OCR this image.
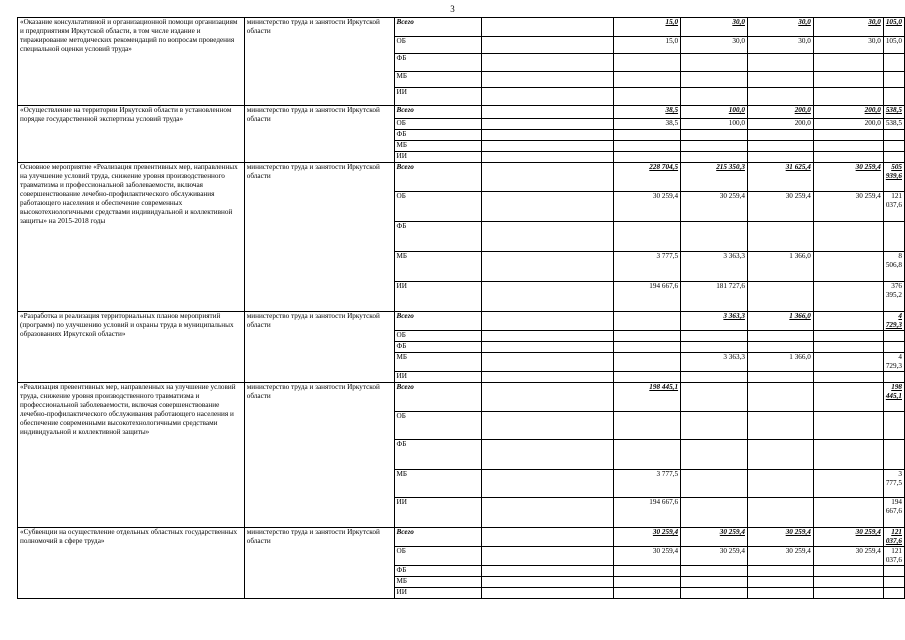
3
«Оказание консультативной и организационной помощи организациям и предприятиям Иркутской области, в том числе издание и тиражирование методических рекомендаций по вопросам проведения специальной оценки условий труда»	министерство труда и занятости Иркутской области	Всего		15,0	30,0	30,0	30,0	105,0
		ОБ		15,0	30,0	30,0	30,0	105,0
		ФБ						
		МБ						
		ИИ						
«Осуществление на территории Иркутской области в установленном порядке государственной экспертизы условий труда»	министерство труда и занятости Иркутской области	Всего		38,5	100,0	200,0	200,0	538,5
		ОБ		38,5	100,0	200,0	200,0	538,5
		ФБ						
		МБ						
		ИИ						
Основное мероприятие «Реализация превентивных мер, направленных на улучшение условий труда, снижение уровня производственного травматизма и профессиональной заболеваемости, включая совершенствование лечебно-профилактического обслуживания работающего населения и обеспечение современных высокотехнологичными средствами индивидуальной и коллективной защиты» на 2015-2018 годы	министерство труда и занятости Иркутской области	Всего		228 704,5	215 350,3	31 625,4	30 259,4	505 939,6
		ОБ		30 259,4	30 259,4	30 259,4	30 259,4	121 037,6
		ФБ						
		МБ		3 777,5	3 363,3	1 366,0		8 506,8
		ИИ		194 667,6	181 727,6			376 395,2
«Разработка и реализация территориальных планов мероприятий (программ) по улучшению условий и охраны труда в муниципальных образованиях Иркутской области»	министерство труда и занятости Иркутской области	Всего			3 363,3	1 366,0		4 729,3
		ОБ						
		ФБ						
		МБ			3 363,3	1 366,0		4 729,3
		ИИ						
«Реализация превентивных мер, направленных на улучшение условий труда, снижение уровня производственного травматизма и профессиональной заболеваемости, включая совершенствование лечебно-профилактического обслуживания работающего населения и обеспечение современными высокотехнологичными средствами индивидуальной и коллективной защиты»	министерство труда и занятости Иркутской области	Всего		198 445,1				198 445,1
		ОБ						
		ФБ						
		МБ		3 777,5				3 777,5
		ИИ		194 667,6				194 667,6
«Субвенции на осуществление отдельных областных государственных полномочий в сфере труда»	министерство труда и занятости Иркутской области	Всего		30 259,4	30 259,4	30 259,4	30 259,4	121 037,6
		ОБ		30 259,4	30 259,4	30 259,4	30 259,4	121 037,6
		ФБ						
		МБ						
		ИИ						
